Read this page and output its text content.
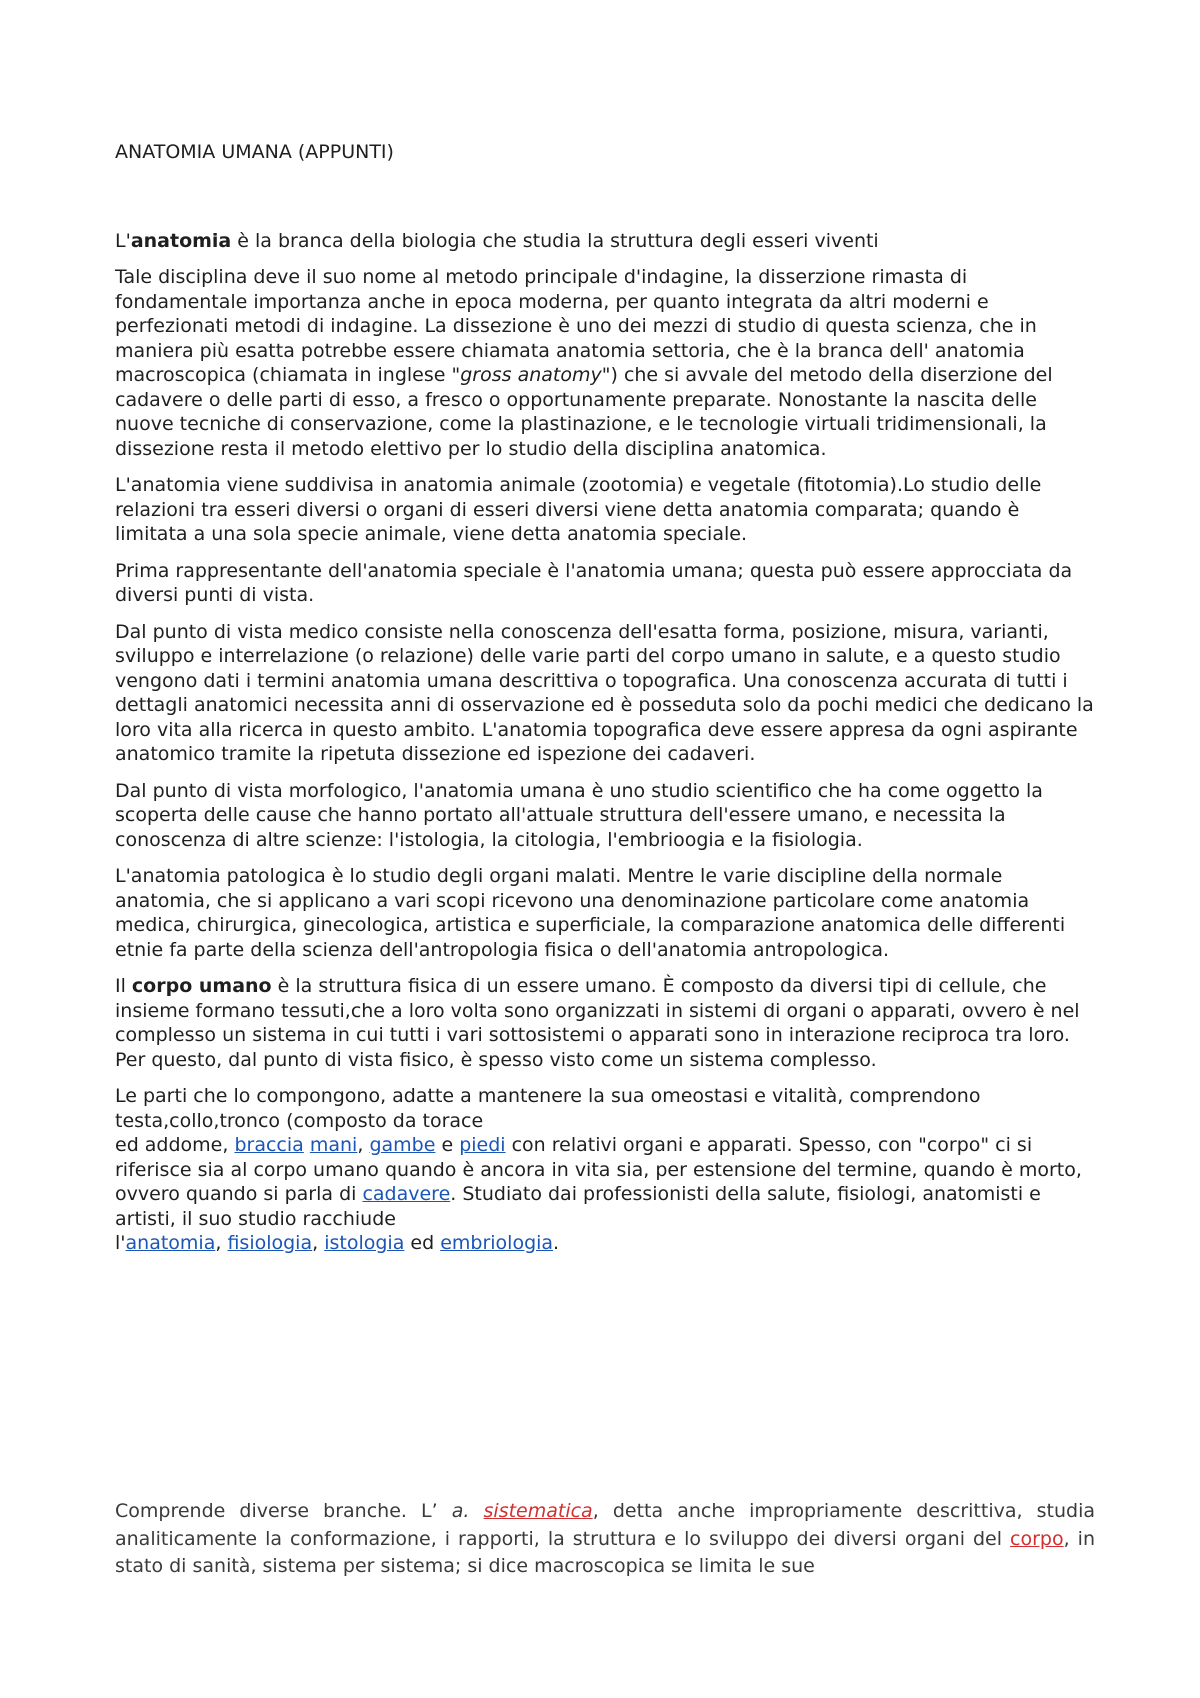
ANATOMIA UMANA (APPUNTI)

L'anatomia è la branca della biologia che studia la struttura degli esseri viventi

Tale disciplina deve il suo nome al metodo principale d'indagine, la disserzione rimasta di fondamentale importanza anche in epoca moderna, per quanto integrata da altri moderni e perfezionati metodi di indagine. La dissezione è uno dei mezzi di studio di questa scienza, che in maniera più esatta potrebbe essere chiamata anatomia settoria, che è la branca dell' anatomia macroscopica (chiamata in inglese "gross anatomy") che si avvale del metodo della diserzione del cadavere o delle parti di esso, a fresco o opportunamente preparate. Nonostante la nascita delle nuove tecniche di conservazione, come la plastinazione, e le tecnologie virtuali tridimensionali, la dissezione resta il metodo elettivo per lo studio della disciplina anatomica.

L'anatomia viene suddivisa in anatomia animale (zootomia) e vegetale (fitotomia).Lo studio delle relazioni tra esseri diversi o organi di esseri diversi viene detta anatomia comparata; quando è limitata a una sola specie animale, viene detta anatomia speciale.

Prima rappresentante dell'anatomia speciale è l'anatomia umana; questa può essere approcciata da diversi punti di vista.

Dal punto di vista medico consiste nella conoscenza dell'esatta forma, posizione, misura, varianti, sviluppo e interrelazione (o relazione) delle varie parti del corpo umano in salute, e a questo studio vengono dati i termini anatomia umana descrittiva o topografica. Una conoscenza accurata di tutti i dettagli anatomici necessita anni di osservazione ed è posseduta solo da pochi medici che dedicano la loro vita alla ricerca in questo ambito. L'anatomia topografica deve essere appresa da ogni aspirante anatomico tramite la ripetuta dissezione ed ispezione dei cadaveri.

Dal punto di vista morfologico, l'anatomia umana è uno studio scientifico che ha come oggetto la scoperta delle cause che hanno portato all'attuale struttura dell'essere umano, e necessita la conoscenza di altre scienze: l'istologia, la citologia, l'embrioogia e la fisiologia.

L'anatomia patologica è lo studio degli organi malati. Mentre le varie discipline della normale anatomia, che si applicano a vari scopi ricevono una denominazione particolare come anatomia medica, chirurgica, ginecologica, artistica e superficiale, la comparazione anatomica delle differenti etnie fa parte della scienza dell'antropologia fisica o dell'anatomia antropologica.

Il corpo umano è la struttura fisica di un essere umano. È composto da diversi tipi di cellule, che insieme formano tessuti,che a loro volta sono organizzati in sistemi di organi o apparati, ovvero è nel complesso un sistema in cui tutti i vari sottosistemi o apparati sono in interazione reciproca tra loro. Per questo, dal punto di vista fisico, è spesso visto come un sistema complesso.

Le parti che lo compongono, adatte a mantenere la sua omeostasi e vitalità, comprendono testa,collo,tronco (composto da torace
ed addome, braccia mani, gambe e piedi con relativi organi e apparati. Spesso, con "corpo" ci si riferisce sia al corpo umano quando è ancora in vita sia, per estensione del termine, quando è morto, ovvero quando si parla di cadavere. Studiato dai professionisti della salute, fisiologi, anatomisti e artisti, il suo studio racchiude
l'anatomia, fisiologia, istologia ed embriologia.

Comprende diverse branche. L’ a. sistematica, detta anche impropriamente descrittiva, studia analiticamente la conformazione, i rapporti, la struttura e lo sviluppo dei diversi organi del corpo, in stato di sanità, sistema per sistema; si dice macroscopica se limita le sue
